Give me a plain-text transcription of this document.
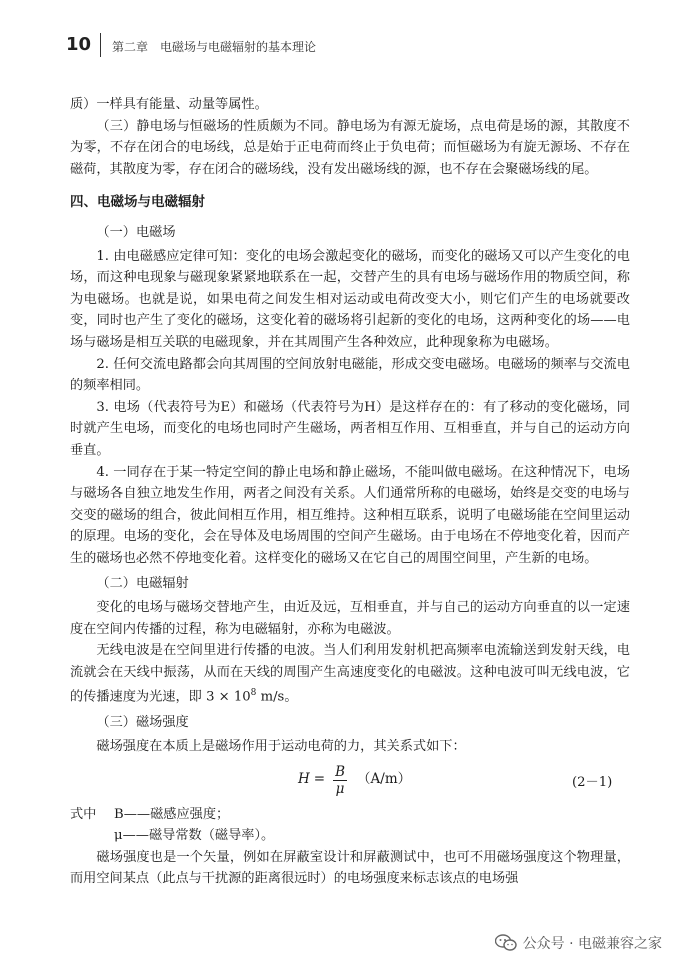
10 第二章　电磁场与电磁辐射的基本理论

质）一样具有能量、动量等属性。

（三）静电场与恒磁场的性质颇为不同。静电场为有源无旋场，点电荷是场的源，其散度不为零，不存在闭合的电场线，总是始于正电荷而终止于负电荷；而恒磁场为有旋无源场、不存在磁荷，其散度为零，存在闭合的磁场线，没有发出磁场线的源，也不存在会聚磁场线的尾。

四、电磁场与电磁辐射

（一）电磁场

1. 由电磁感应定律可知：变化的电场会激起变化的磁场，而变化的磁场又可以产生变化的电场，而这种电现象与磁现象紧紧地联系在一起，交替产生的具有电场与磁场作用的物质空间，称为电磁场。也就是说，如果电荷之间发生相对运动或电荷改变大小，则它们产生的电场就要改变，同时也产生了变化的磁场，这变化着的磁场将引起新的变化的电场，这两种变化的场——电场与磁场是相互关联的电磁现象，并在其周围产生各种效应，此种现象称为电磁场。

2. 任何交流电路都会向其周围的空间放射电磁能，形成交变电磁场。电磁场的频率与交流电的频率相同。

3. 电场（代表符号为E）和磁场（代表符号为H）是这样存在的：有了移动的变化磁场，同时就产生电场，而变化的电场也同时产生磁场，两者相互作用、互相垂直，并与自己的运动方向垂直。

4. 一同存在于某一特定空间的静止电场和静止磁场，不能叫做电磁场。在这种情况下，电场与磁场各自独立地发生作用，两者之间没有关系。人们通常所称的电磁场，始终是交变的电场与交变的磁场的组合，彼此间相互作用，相互维持。这种相互联系，说明了电磁场能在空间里运动的原理。电场的变化，会在导体及电场周围的空间产生磁场。由于电场在不停地变化着，因而产生的磁场也必然不停地变化着。这样变化的磁场又在它自己的周围空间里，产生新的电场。

（二）电磁辐射

变化的电场与磁场交替地产生，由近及远，互相垂直，并与自己的运动方向垂直的以一定速度在空间内传播的过程，称为电磁辐射，亦称为电磁波。

无线电波是在空间里进行传播的电波。当人们利用发射机把高频率电流输送到发射天线，电流就会在天线中振荡，从而在天线的周围产生高速度变化的电磁波。这种电波可叫无线电波，它的传播速度为光速，即 $3 \times 10^8$ m/s。

（三）磁场强度

磁场强度在本质上是磁场作用于运动电荷的力，其关系式如下：

$H = \frac{B}{\mu} (A/m)$	(2－1)
式中	B——磁感应强度；
μ——磁导常数（磁导率）。

磁场强度也是一个矢量，例如在屏蔽室设计和屏蔽测试中，也可不用磁场强度这个物理量，而用空间某点（此点与干扰源的距离很远时）的电场强度来标志该点的电场强

公众号 · 电磁兼容之家
